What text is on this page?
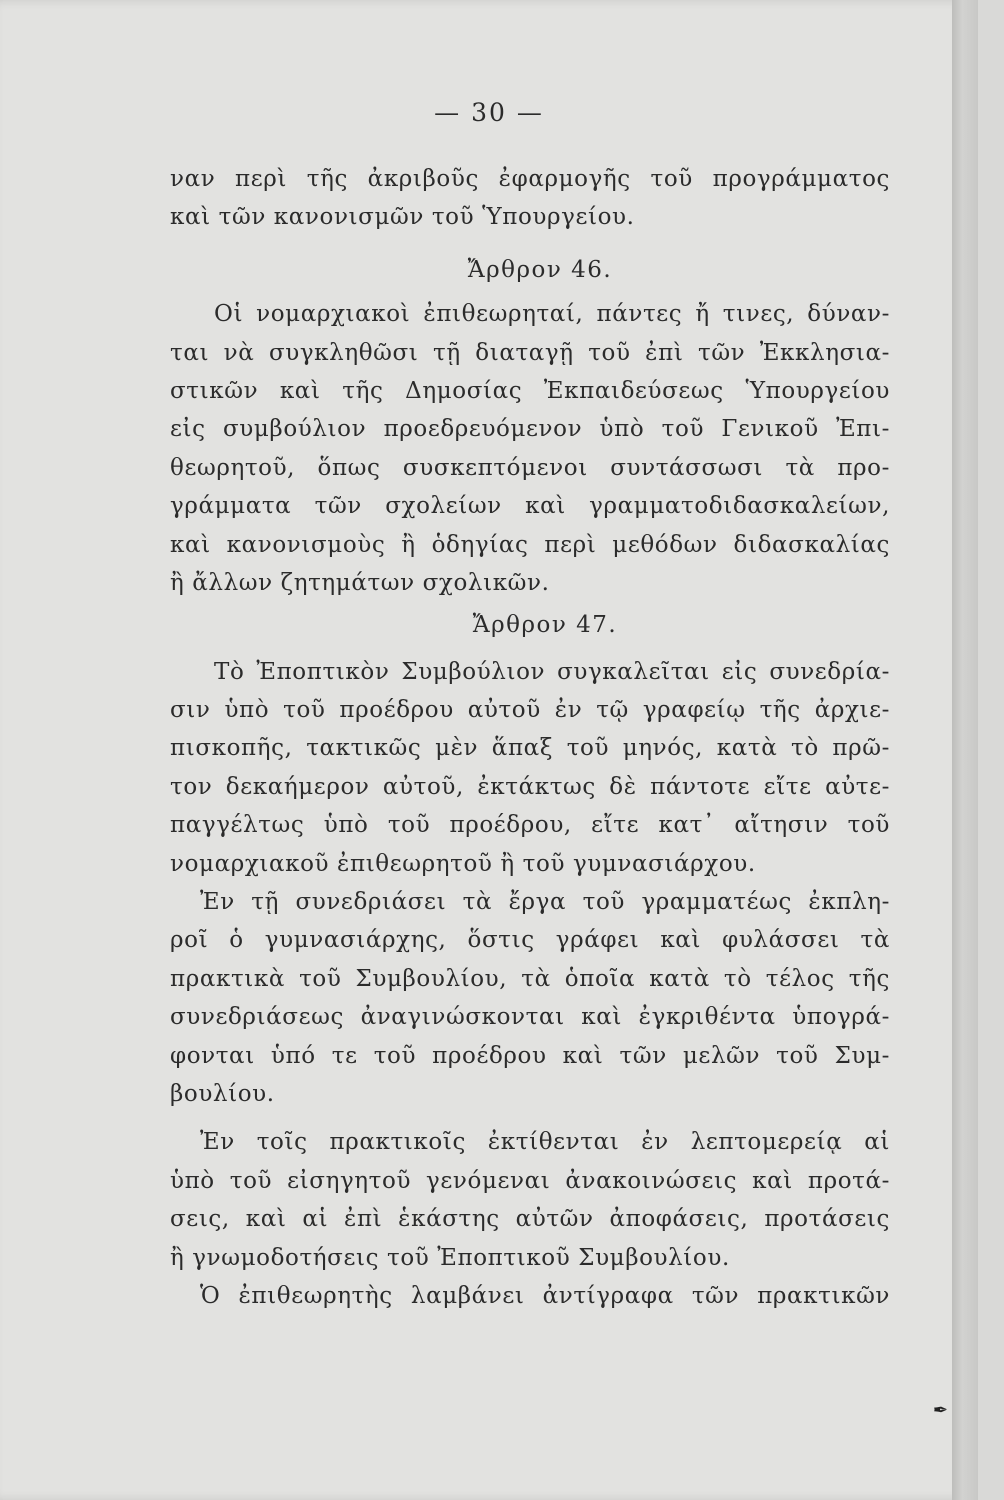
— 30 —
ναν περὶ τῆς ἀκριβοῦς ἐφαρμογῆς τοῦ προγράμματος
καὶ τῶν κανονισμῶν τοῦ Ὑπουργείου.
Ἄρθρον 46.
Οἱ νομαρχιακοὶ ἐπιθεωρηταί, πάντες ἤ τινες, δύναν-
ται νὰ συγκληθῶσι τῇ διαταγῇ τοῦ ἐπὶ τῶν Ἐκκλησια-
στικῶν καὶ τῆς Δημοσίας Ἐκπαιδεύσεως Ὑπουργείου
εἰς συμβούλιον προεδρευόμενον ὑπὸ τοῦ Γενικοῦ Ἐπι-
θεωρητοῦ, ὅπως συσκεπτόμενοι συντάσσωσι τὰ προ-
γράμματα τῶν σχολείων καὶ γραμματοδιδασκαλείων,
καὶ κανονισμοὺς ἢ ὁδηγίας περὶ μεθόδων διδασκαλίας
ἢ ἄλλων ζητημάτων σχολικῶν.
Ἄρθρον 47.
Τὸ Ἐποπτικὸν Συμβούλιον συγκαλεῖται εἰς συνεδρία-
σιν ὑπὸ τοῦ προέδρου αὐτοῦ ἐν τῷ γραφείῳ τῆς ἀρχιε-
πισκοπῆς, τακτικῶς μὲν ἅπαξ τοῦ μηνός, κατὰ τὸ πρῶ-
τον δεκαήμερον αὐτοῦ, ἐκτάκτως δὲ πάντοτε εἴτε αὐτε-
παγγέλτως ὑπὸ τοῦ προέδρου, εἴτε κατ᾽ αἴτησιν τοῦ
νομαρχιακοῦ ἐπιθεωρητοῦ ἢ τοῦ γυμνασιάρχου.
Ἐν τῇ συνεδριάσει τὰ ἔργα τοῦ γραμματέως ἐκπλη-
ροῖ ὁ γυμνασιάρχης, ὅστις γράφει καὶ φυλάσσει τὰ
πρακτικὰ τοῦ Συμβουλίου, τὰ ὁποῖα κατὰ τὸ τέλος τῆς
συνεδριάσεως ἀναγινώσκονται καὶ ἐγκριθέντα ὑπογρά-
φονται ὑπό τε τοῦ προέδρου καὶ τῶν μελῶν τοῦ Συμ-
βουλίου.
Ἐν τοῖς πρακτικοῖς ἐκτίθενται ἐν λεπτομερείᾳ αἱ
ὑπὸ τοῦ εἰσηγητοῦ γενόμεναι ἀνακοινώσεις καὶ προτά-
σεις, καὶ αἱ ἐπὶ ἑκάστης αὐτῶν ἀποφάσεις, προτάσεις
ἢ γνωμοδοτήσεις τοῦ Ἐποπτικοῦ Συμβουλίου.
Ὁ ἐπιθεωρητὴς λαμβάνει ἀντίγραφα τῶν πρακτικῶν
✒
